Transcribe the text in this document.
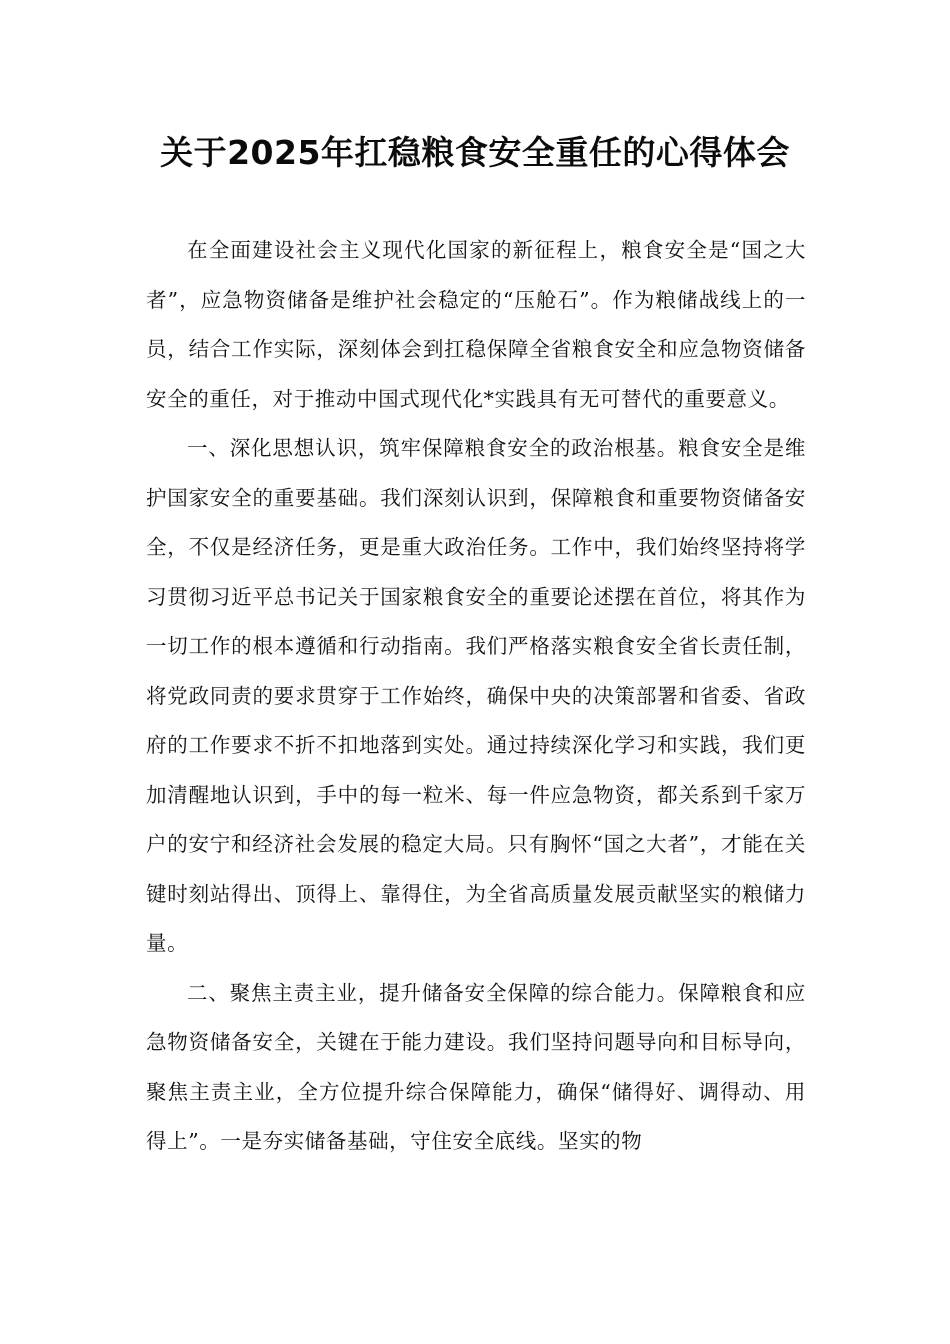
关于2025年扛稳粮食安全重任的心得体会

在全面建设社会主义现代化国家的新征程上，粮食安全是“国之大者”，应急物资储备是维护社会稳定的“压舱石”。作为粮储战线上的一员，结合工作实际，深刻体会到扛稳保障全省粮食安全和应急物资储备安全的重任，对于推动中国式现代化*实践具有无可替代的重要意义。

一、深化思想认识，筑牢保障粮食安全的政治根基。粮食安全是维护国家安全的重要基础。我们深刻认识到，保障粮食和重要物资储备安全，不仅是经济任务，更是重大政治任务。工作中，我们始终坚持将学习贯彻习近平总书记关于国家粮食安全的重要论述摆在首位，将其作为一切工作的根本遵循和行动指南。我们严格落实粮食安全省长责任制，将党政同责的要求贯穿于工作始终，确保中央的决策部署和省委、省政府的工作要求不折不扣地落到实处。通过持续深化学习和实践，我们更加清醒地认识到，手中的每一粒米、每一件应急物资，都关系到千家万户的安宁和经济社会发展的稳定大局。只有胸怀“国之大者”，才能在关键时刻站得出、顶得上、靠得住，为全省高质量发展贡献坚实的粮储力量。

二、聚焦主责主业，提升储备安全保障的综合能力。保障粮食和应急物资储备安全，关键在于能力建设。我们坚持问题导向和目标导向，聚焦主责主业，全方位提升综合保障能力，确保“储得好、调得动、用得上”。一是夯实储备基础，守住安全底线。坚实的物
